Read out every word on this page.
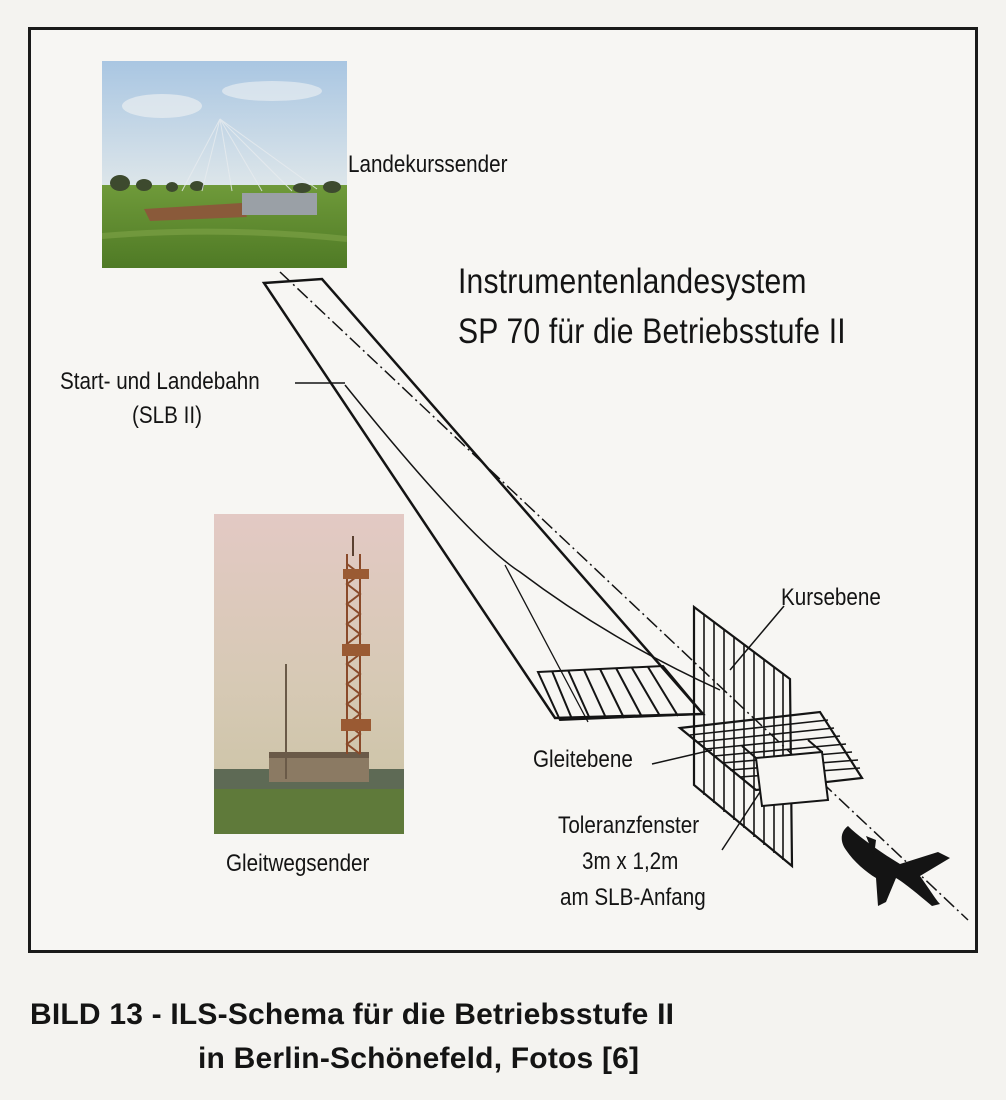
Landekurssender
Instrumentenlandesystem
SP 70 für die Betriebsstufe II
Start- und Landebahn
(SLB II)
Kursebene
Gleitebene
Toleranzfenster
3m x 1,2m
am SLB-Anfang
Gleitwegsender
BILD 13 - ILS-Schema für die Betriebsstufe II
in Berlin-Schönefeld, Fotos [6]
